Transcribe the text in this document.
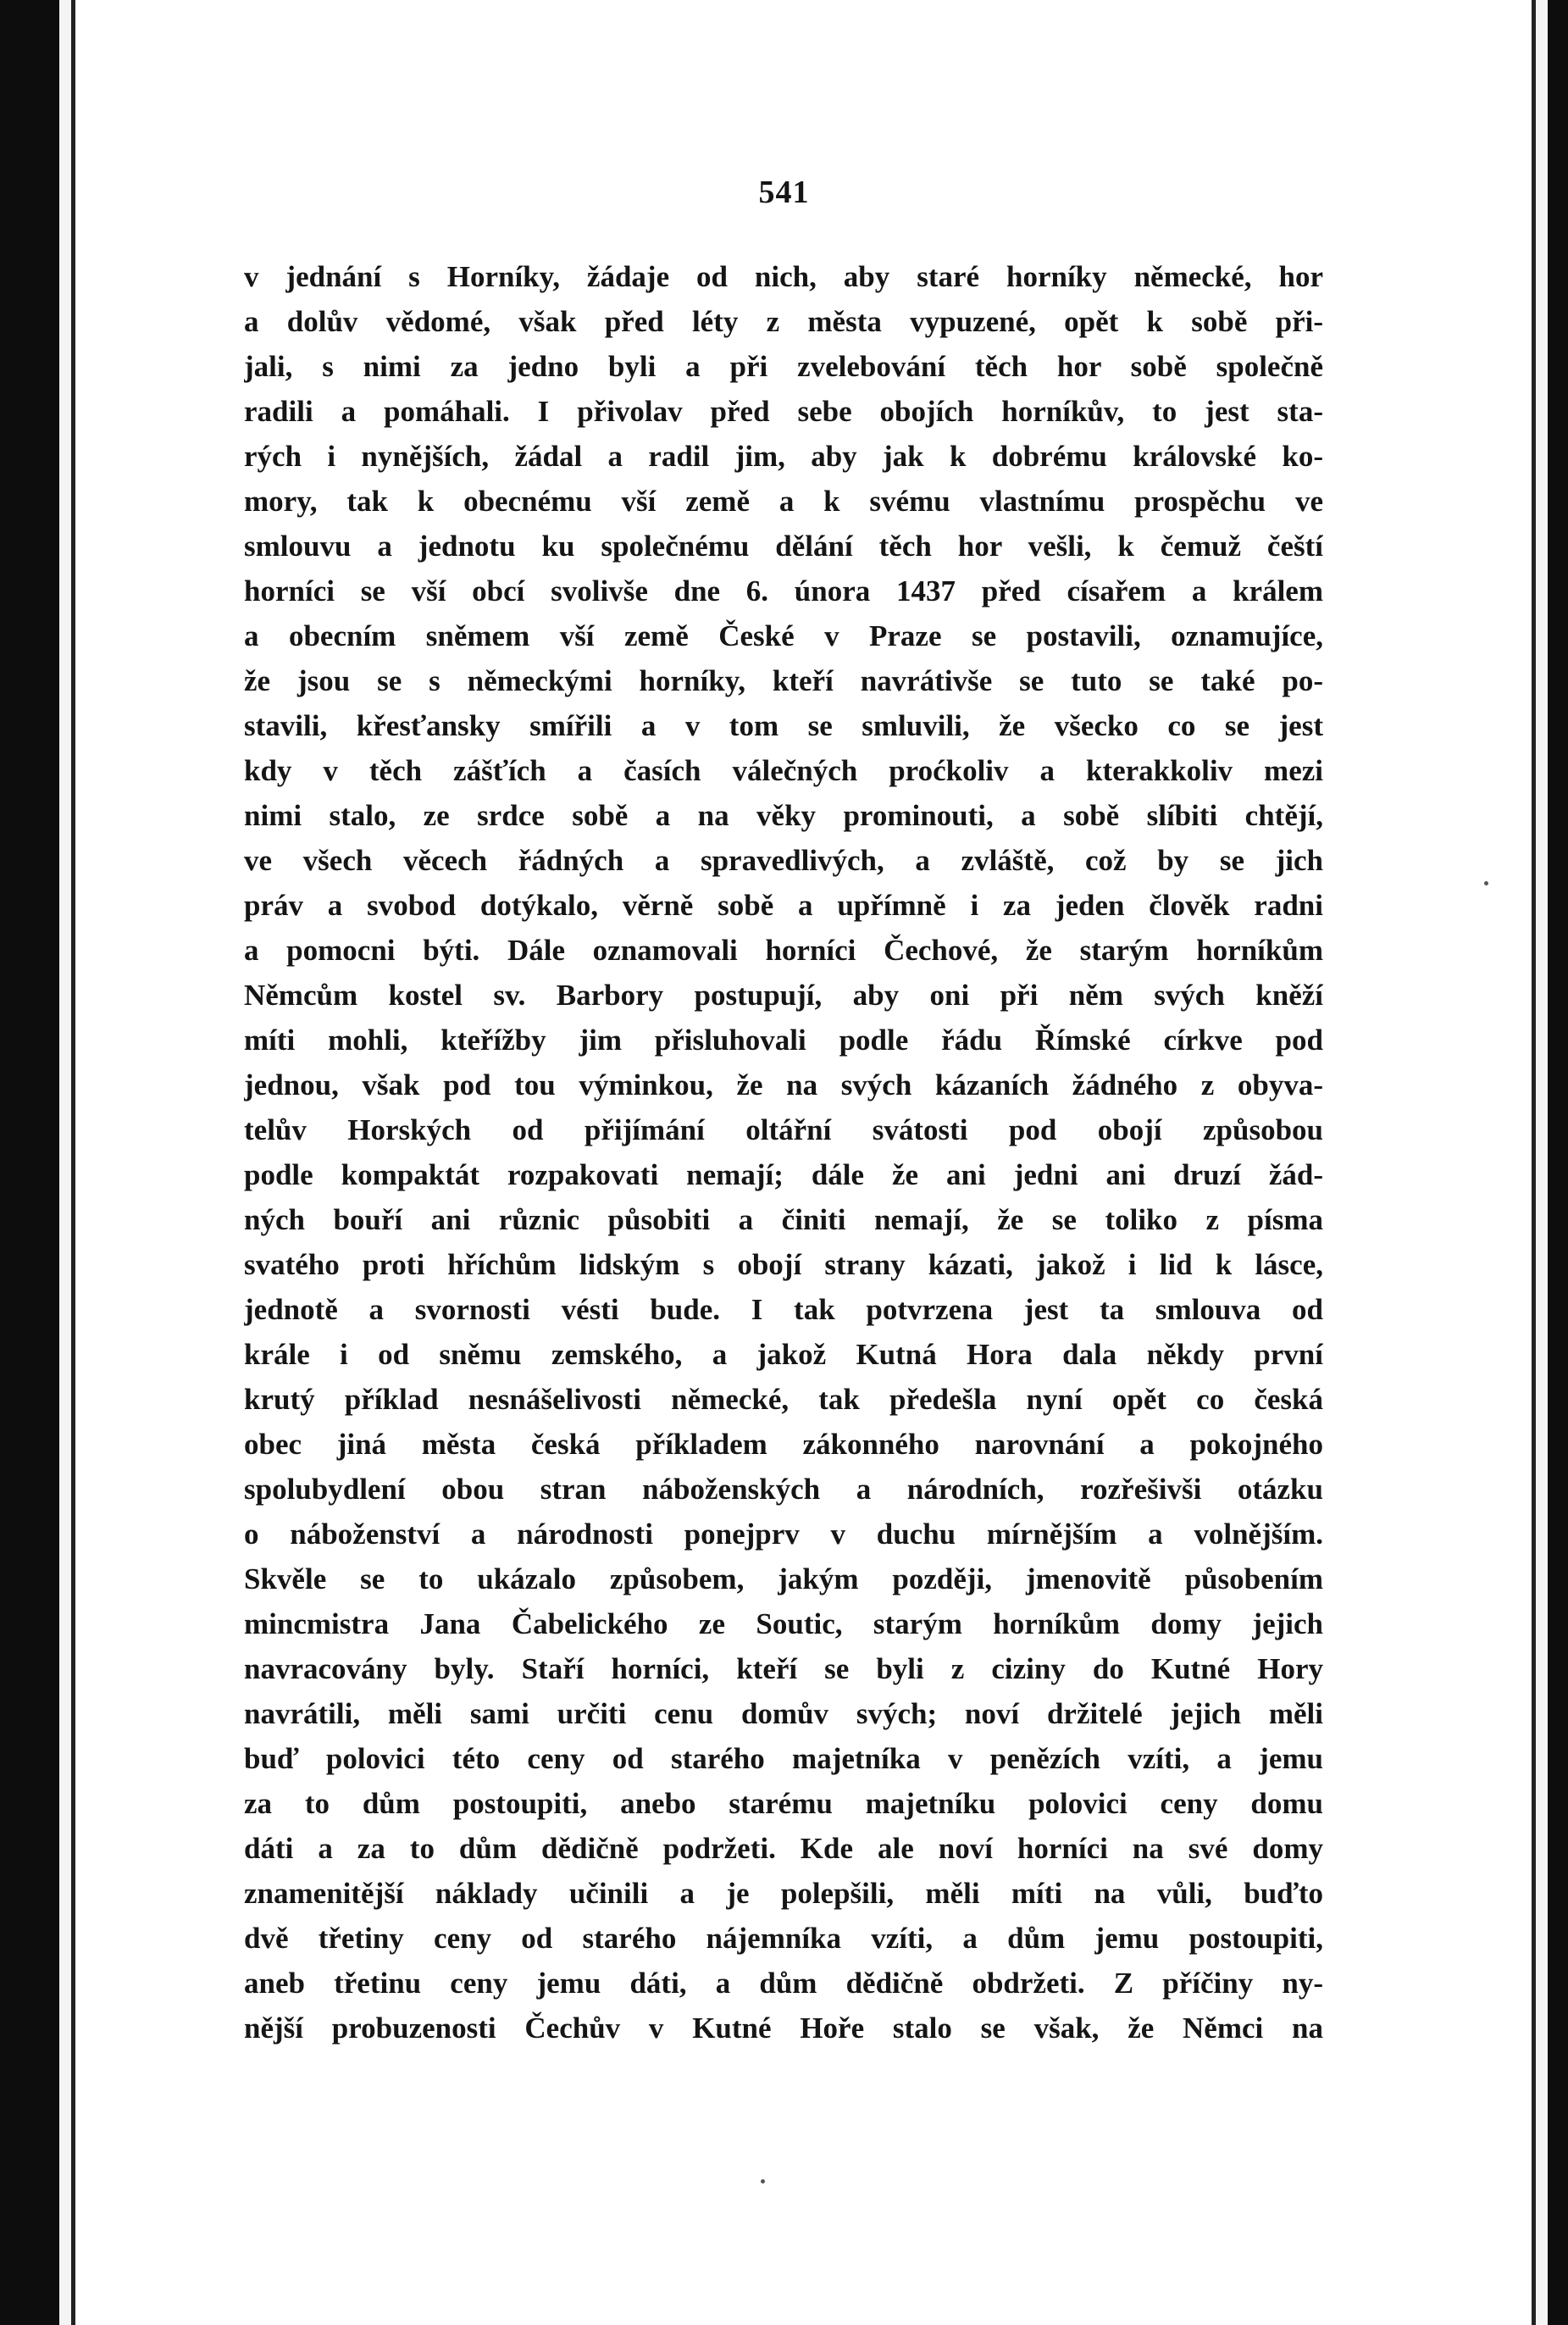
541
v jednání s Horníky, žádaje od nich, aby staré horníky německé, hor
a dolův vědomé, však před léty z města vypuzené, opět k sobě při-
jali, s nimi za jedno byli a při zvelebování těch hor sobě společně
radili a pomáhali. I přivolav před sebe obojích horníkův, to jest sta-
rých i nynějších, žádal a radil jim, aby jak k dobrému královské ko-
mory, tak k obecnému vší země a k svému vlastnímu prospěchu ve
smlouvu a jednotu ku společnému dělání těch hor vešli, k čemuž čeští
horníci se vší obcí svolivše dne 6. února 1437 před císařem a králem
a obecním sněmem vší země České v Praze se postavili, oznamujíce,
že jsou se s německými horníky, kteří navrátivše se tuto se také po-
stavili, křesťansky smířili a v tom se smluvili, že všecko co se jest
kdy v těch zášťích a časích válečných proćkoliv a kterakkoliv mezi
nimi stalo, ze srdce sobě a na věky prominouti, a sobě slíbiti chtějí,
ve všech věcech řádných a spravedlivých, a zvláště, což by se jich
práv a svobod dotýkalo, věrně sobě a upřímně i za jeden člověk radni
a pomocni býti. Dále oznamovali horníci Čechové, že starým horníkům
Němcům kostel sv. Barbory postupují, aby oni při něm svých kněží
míti mohli, kteřížby jim přisluhovali podle řádu Římské církve pod
jednou, však pod tou výminkou, že na svých kázaních žádného z obyva-
telův Horských od přijímání oltářní svátosti pod obojí způsobou
podle kompaktát rozpakovati nemají; dále že ani jedni ani druzí žád-
ných bouří ani různic působiti a činiti nemají, že se toliko z písma
svatého proti hříchům lidským s obojí strany kázati, jakož i lid k lásce,
jednotě a svornosti vésti bude. I tak potvrzena jest ta smlouva od
krále i od sněmu zemského, a jakož Kutná Hora dala někdy první
krutý příklad nesnášelivosti německé, tak předešla nyní opět co česká
obec jiná města česká příkladem zákonného narovnání a pokojného
spolubydlení obou stran náboženských a národních, rozřešivši otázku
o náboženství a národnosti ponejprv v duchu mírnějším a volnějším.
Skvěle se to ukázalo způsobem, jakým později, jmenovitě působením
mincmistra Jana Čabelického ze Soutic, starým horníkům domy jejich
navracovány byly. Staří horníci, kteří se byli z ciziny do Kutné Hory
navrátili, měli sami určiti cenu domův svých; noví držitelé jejich měli
buď polovici této ceny od starého majetníka v penězích vzíti, a jemu
za to dům postoupiti, anebo starému majetníku polovici ceny domu
dáti a za to dům dědičně podržeti. Kde ale noví horníci na své domy
znamenitější náklady učinili a je polepšili, měli míti na vůli, buďto
dvě třetiny ceny od starého nájemníka vzíti, a dům jemu postoupiti,
aneb třetinu ceny jemu dáti, a dům dědičně obdržeti. Z příčiny ny-
nější probuzenosti Čechův v Kutné Hoře stalo se však, že Němci na
